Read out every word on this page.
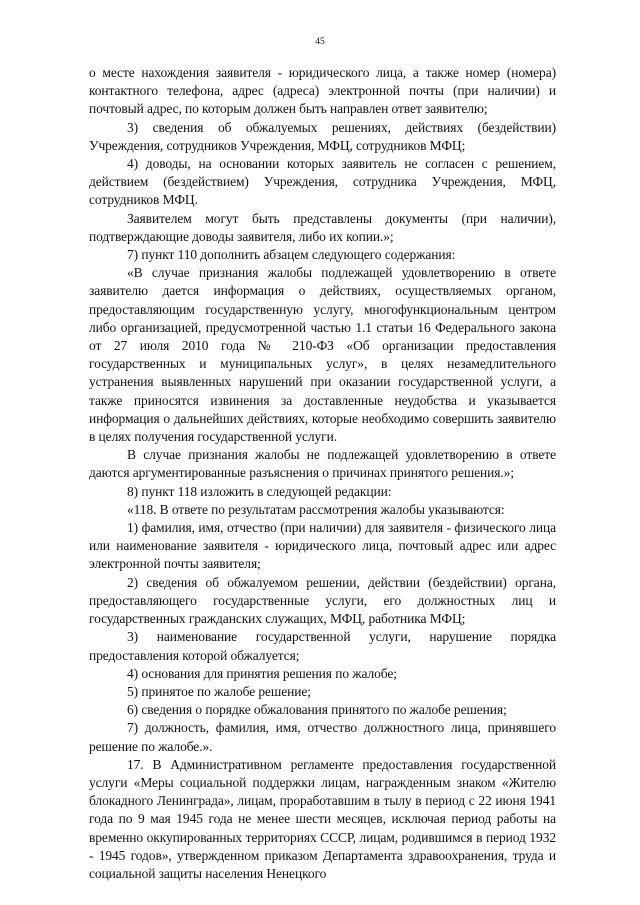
45

о месте нахождения заявителя - юридического лица, а также номер (номера) контактного телефона, адрес (адреса) электронной почты (при наличии) и почтовый адрес, по которым должен быть направлен ответ заявителю;

3) сведения об обжалуемых решениях, действиях (бездействии) Учреждения, сотрудников Учреждения, МФЦ, сотрудников МФЦ;

4) доводы, на основании которых заявитель не согласен с решением, действием (бездействием) Учреждения, сотрудника Учреждения, МФЦ, сотрудников МФЦ.

Заявителем могут быть представлены документы (при наличии), подтверждающие доводы заявителя, либо их копии.»;

7) пункт 110 дополнить абзацем следующего содержания:

«В случае признания жалобы подлежащей удовлетворению в ответе заявителю дается информация о действиях, осуществляемых органом, предоставляющим государственную услугу, многофункциональным центром либо организацией, предусмотренной частью 1.1 статьи 16 Федерального закона от 27 июля 2010 года № 210-ФЗ «Об организации предоставления государственных и муниципальных услуг», в целях незамедлительного устранения выявленных нарушений при оказании государственной услуги, а также приносятся извинения за доставленные неудобства и указывается информация о дальнейших действиях, которые необходимо совершить заявителю в целях получения государственной услуги.

В случае признания жалобы не подлежащей удовлетворению в ответе даются аргументированные разъяснения о причинах принятого решения.»;

8) пункт 118 изложить в следующей редакции:

«118. В ответе по результатам рассмотрения жалобы указываются:

1) фамилия, имя, отчество (при наличии) для заявителя - физического лица или наименование заявителя - юридического лица, почтовый адрес или адрес электронной почты заявителя;

2) сведения об обжалуемом решении, действии (бездействии) органа, предоставляющего государственные услуги, его должностных лиц и государственных гражданских служащих, МФЦ, работника МФЦ;

3) наименование государственной услуги, нарушение порядка предоставления которой обжалуется;

4) основания для принятия решения по жалобе;

5) принятое по жалобе решение;

6) сведения о порядке обжалования принятого по жалобе решения;

7) должность, фамилия, имя, отчество должностного лица, принявшего решение по жалобе.».

17. В Административном регламенте предоставления государственной услуги «Меры социальной поддержки лицам, награжденным знаком «Жителю блокадного Ленинграда», лицам, проработавшим в тылу в период с 22 июня 1941 года по 9 мая 1945 года не менее шести месяцев, исключая период работы на временно оккупированных территориях СССР, лицам, родившимся в период 1932 - 1945 годов», утвержденном приказом Департамента здравоохранения, труда и социальной защиты населения Ненецкого
